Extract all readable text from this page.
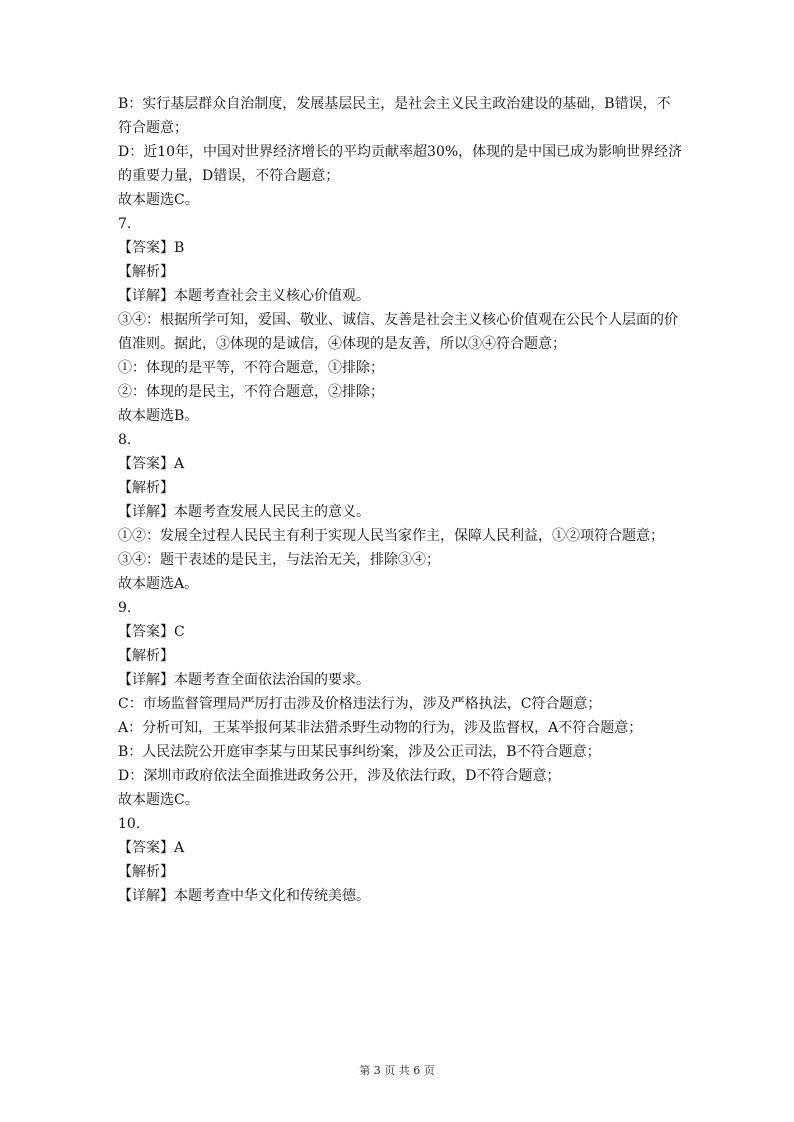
B：实行基层群众自治制度，发展基层民主，是社会主义民主政治建设的基础，B错误，不

符合题意；

D：近10年，中国对世界经济增长的平均贡献率超30%，体现的是中国已成为影响世界经济

的重要力量，D错误，不符合题意；

故本题选C。

7.

【答案】B

【解析】

【详解】本题考查社会主义核心价值观。

③④：根据所学可知，爱国、敬业、诚信、友善是社会主义核心价值观在公民个人层面的价

值准则。据此，③体现的是诚信，④体现的是友善，所以③④符合题意；

①：体现的是平等，不符合题意，①排除；

②：体现的是民主，不符合题意，②排除；

故本题选B。

8.

【答案】A

【解析】

【详解】本题考查发展人民民主的意义。

①②：发展全过程人民民主有利于实现人民当家作主，保障人民利益，①②项符合题意；

③④：题干表述的是民主，与法治无关，排除③④；

故本题选A。

9.

【答案】C

【解析】

【详解】本题考查全面依法治国的要求。

C：市场监督管理局严厉打击涉及价格违法行为，涉及严格执法，C符合题意；

A：分析可知，王某举报何某非法猎杀野生动物的行为，涉及监督权，A不符合题意；

B：人民法院公开庭审李某与田某民事纠纷案，涉及公正司法，B不符合题意；

D：深圳市政府依法全面推进政务公开，涉及依法行政，D不符合题意；

故本题选C。

10.

【答案】A

【解析】

【详解】本题考查中华文化和传统美德。

第 3 页 共 6 页
